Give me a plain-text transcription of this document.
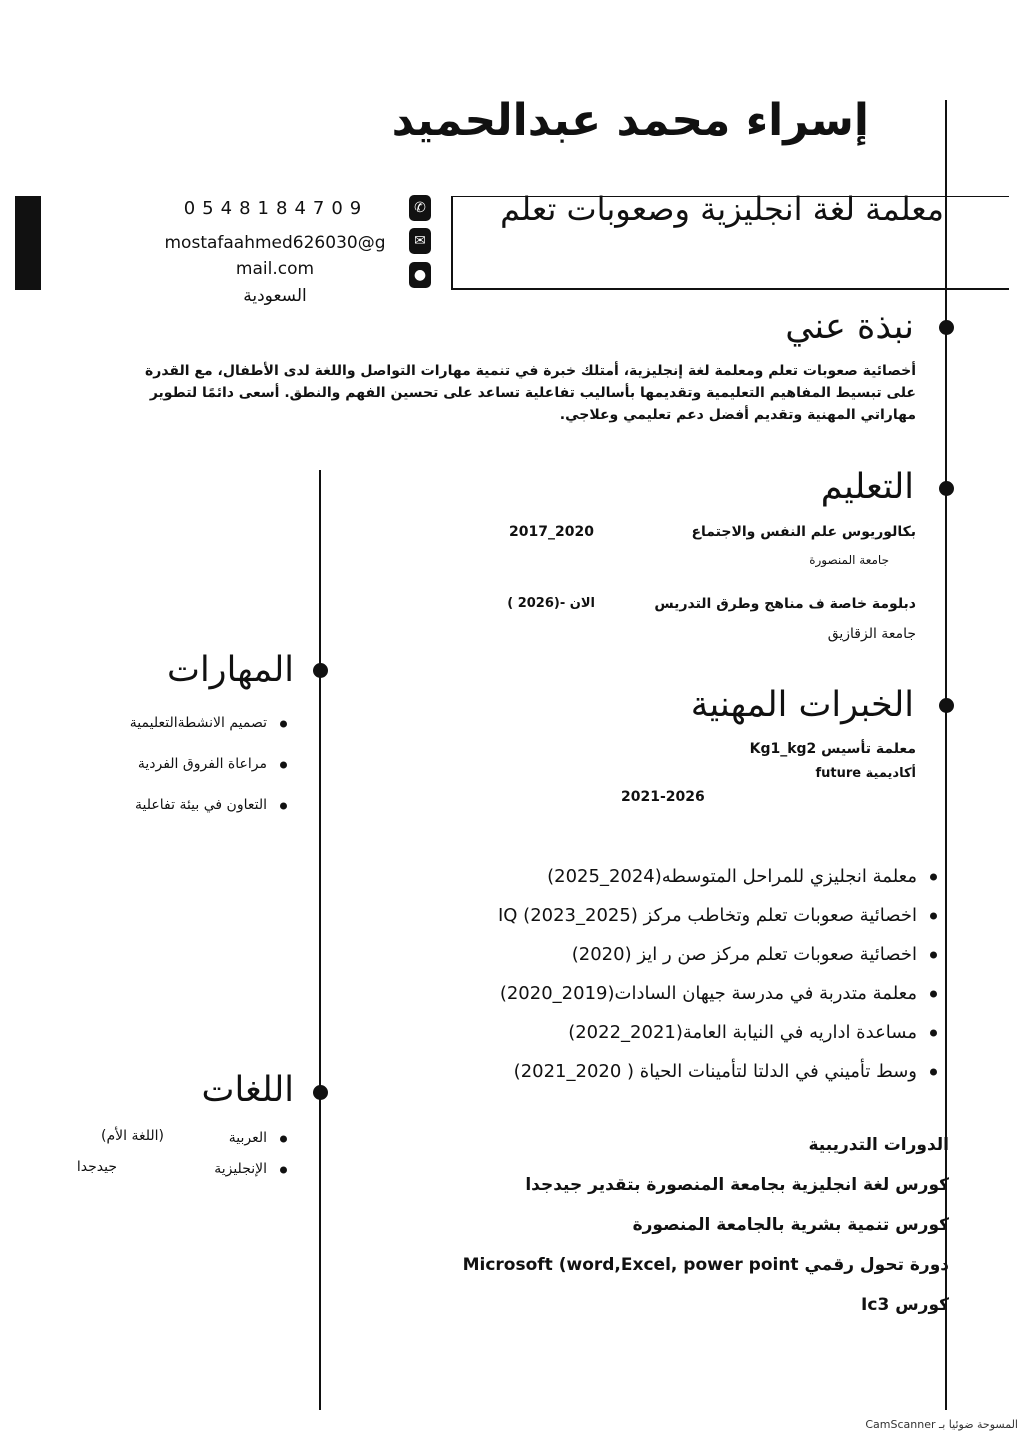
إسراء محمد عبدالحميد
معلمة لغة انجليزية وصعوبات تعلم
✆
✉
●
0548184709
mostafaahmed626030@g
mail.com
السعودية
نبذة عني
أخصائية صعوبات تعلم ومعلمة لغة إنجليزية، أمتلك خبرة في تنمية مهارات التواصل واللغة لدى الأطفال، مع القدرة
على تبسيط المفاهيم التعليمية وتقديمها بأساليب تفاعلية تساعد على تحسين الفهم والنطق. أسعى دائمًا لتطوير
مهاراتي المهنية وتقديم أفضل دعم تعليمي وعلاجي.
التعليم
بكالوريوس علم النفس والاجتماع
2017_2020
جامعة المنصورة
دبلومة خاصة ف مناهج وطرق التدريس
الان -(2026 )
جامعة الزقازيق
المهارات
تصميم الانشطةالتعليمية
مراعاة الفروق الفردية
التعاون في بيئة تفاعلية
الخبرات المهنية
معلمة تأسيس Kg1_kg2
أكاديمية future
2021-2026
معلمة انجليزي للمراحل المتوسطه(2024_2025)
اخصائية صعوبات تعلم وتخاطب مركز IQ (2023_2025)
اخصائية صعوبات تعلم مركز صن ر ايز (2020)
معلمة متدربة في مدرسة جيهان السادات(2019_2020)
مساعدة اداريه في النيابة العامة(2021_2022)
وسط تأميني في الدلتا لتأمينات الحياة ( 2020_2021)
اللغات
العربية
الإنجليزية
(اللغة الأم)
جيدجدا
الدورات التدريبية
كورس لغة انجليزية بجامعة المنصورة بتقدير جيدجدا
كورس تنمية بشرية بالجامعة المنصورة
دورة تحول رقمي Microsoft (word,Excel, power point
كورس Ic3
المسوحة ضوئيا بـ CamScanner
